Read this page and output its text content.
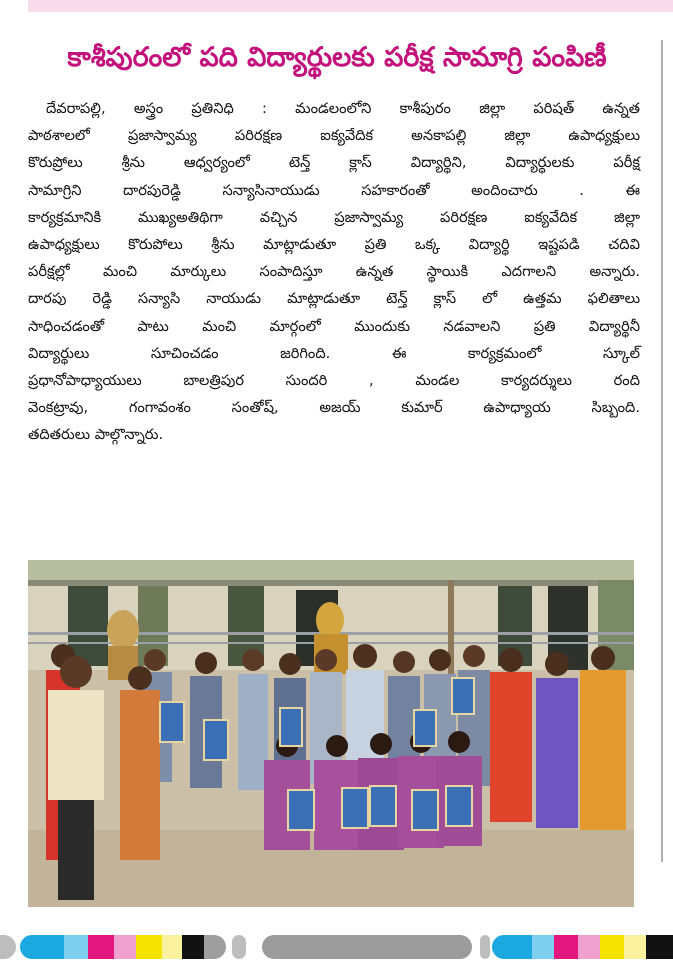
కాశీపురంలో పది విద్యార్థులకు పరీక్ష సామాగ్రి పంపిణీ
దేవరాపల్లి, అస్త్రం ప్రతినిధి : మండలంలోని కాశీపురం జిల్లా పరిషత్ ఉన్నత
పాఠశాలలో ప్రజాస్వామ్య పరిరక్షణ ఐక్యవేదిక అనకాపల్లి జిల్లా ఉపాధ్యక్షులు
కొరుప్రోలు శ్రీను ఆధ్వర్యంలో టెన్త్ క్లాస్ విద్యార్థిని, విద్యార్థులకు పరీక్ష
సామాగ్రిని దారపురెడ్డి సన్యాసినాయుడు సహకారంతో అందించారు . ఈ
కార్యక్రమానికి ముఖ్యఅతిథిగా వచ్చిన ప్రజాస్వామ్య పరిరక్షణ ఐక్యవేదిక జిల్లా
ఉపాధ్యక్షులు కొరుపోలు శ్రీను మాట్లాడుతూ ప్రతి ఒక్క విద్యార్థి ఇష్టపడి చదివి
పరీక్షల్లో మంచి మార్కులు సంపాదిస్తూ ఉన్నత స్థాయికి ఎదగాలని అన్నారు.
దారపు రెడ్డి సన్యాసి నాయుడు మాట్లాడుతూ టెన్త్ క్లాస్ లో ఉత్తమ ఫలితాలు
సాధించడంతో పాటు మంచి మార్గంలో ముందుకు నడవాలని ప్రతి విద్యార్థినీ
విద్యార్థులు సూచించడం జరిగింది. ఈ కార్యక్రమంలో స్కూల్
ప్రధానోపాధ్యాయులు బాలత్రిపుర సుందరి , మండల కార్యదర్శులు రంది
వెంకట్రావు, గంగావంశం సంతోష్, అజయ్ కుమార్ ఉపాధ్యాయ సిబ్బంది.
తదితరులు పాల్గొన్నారు.
